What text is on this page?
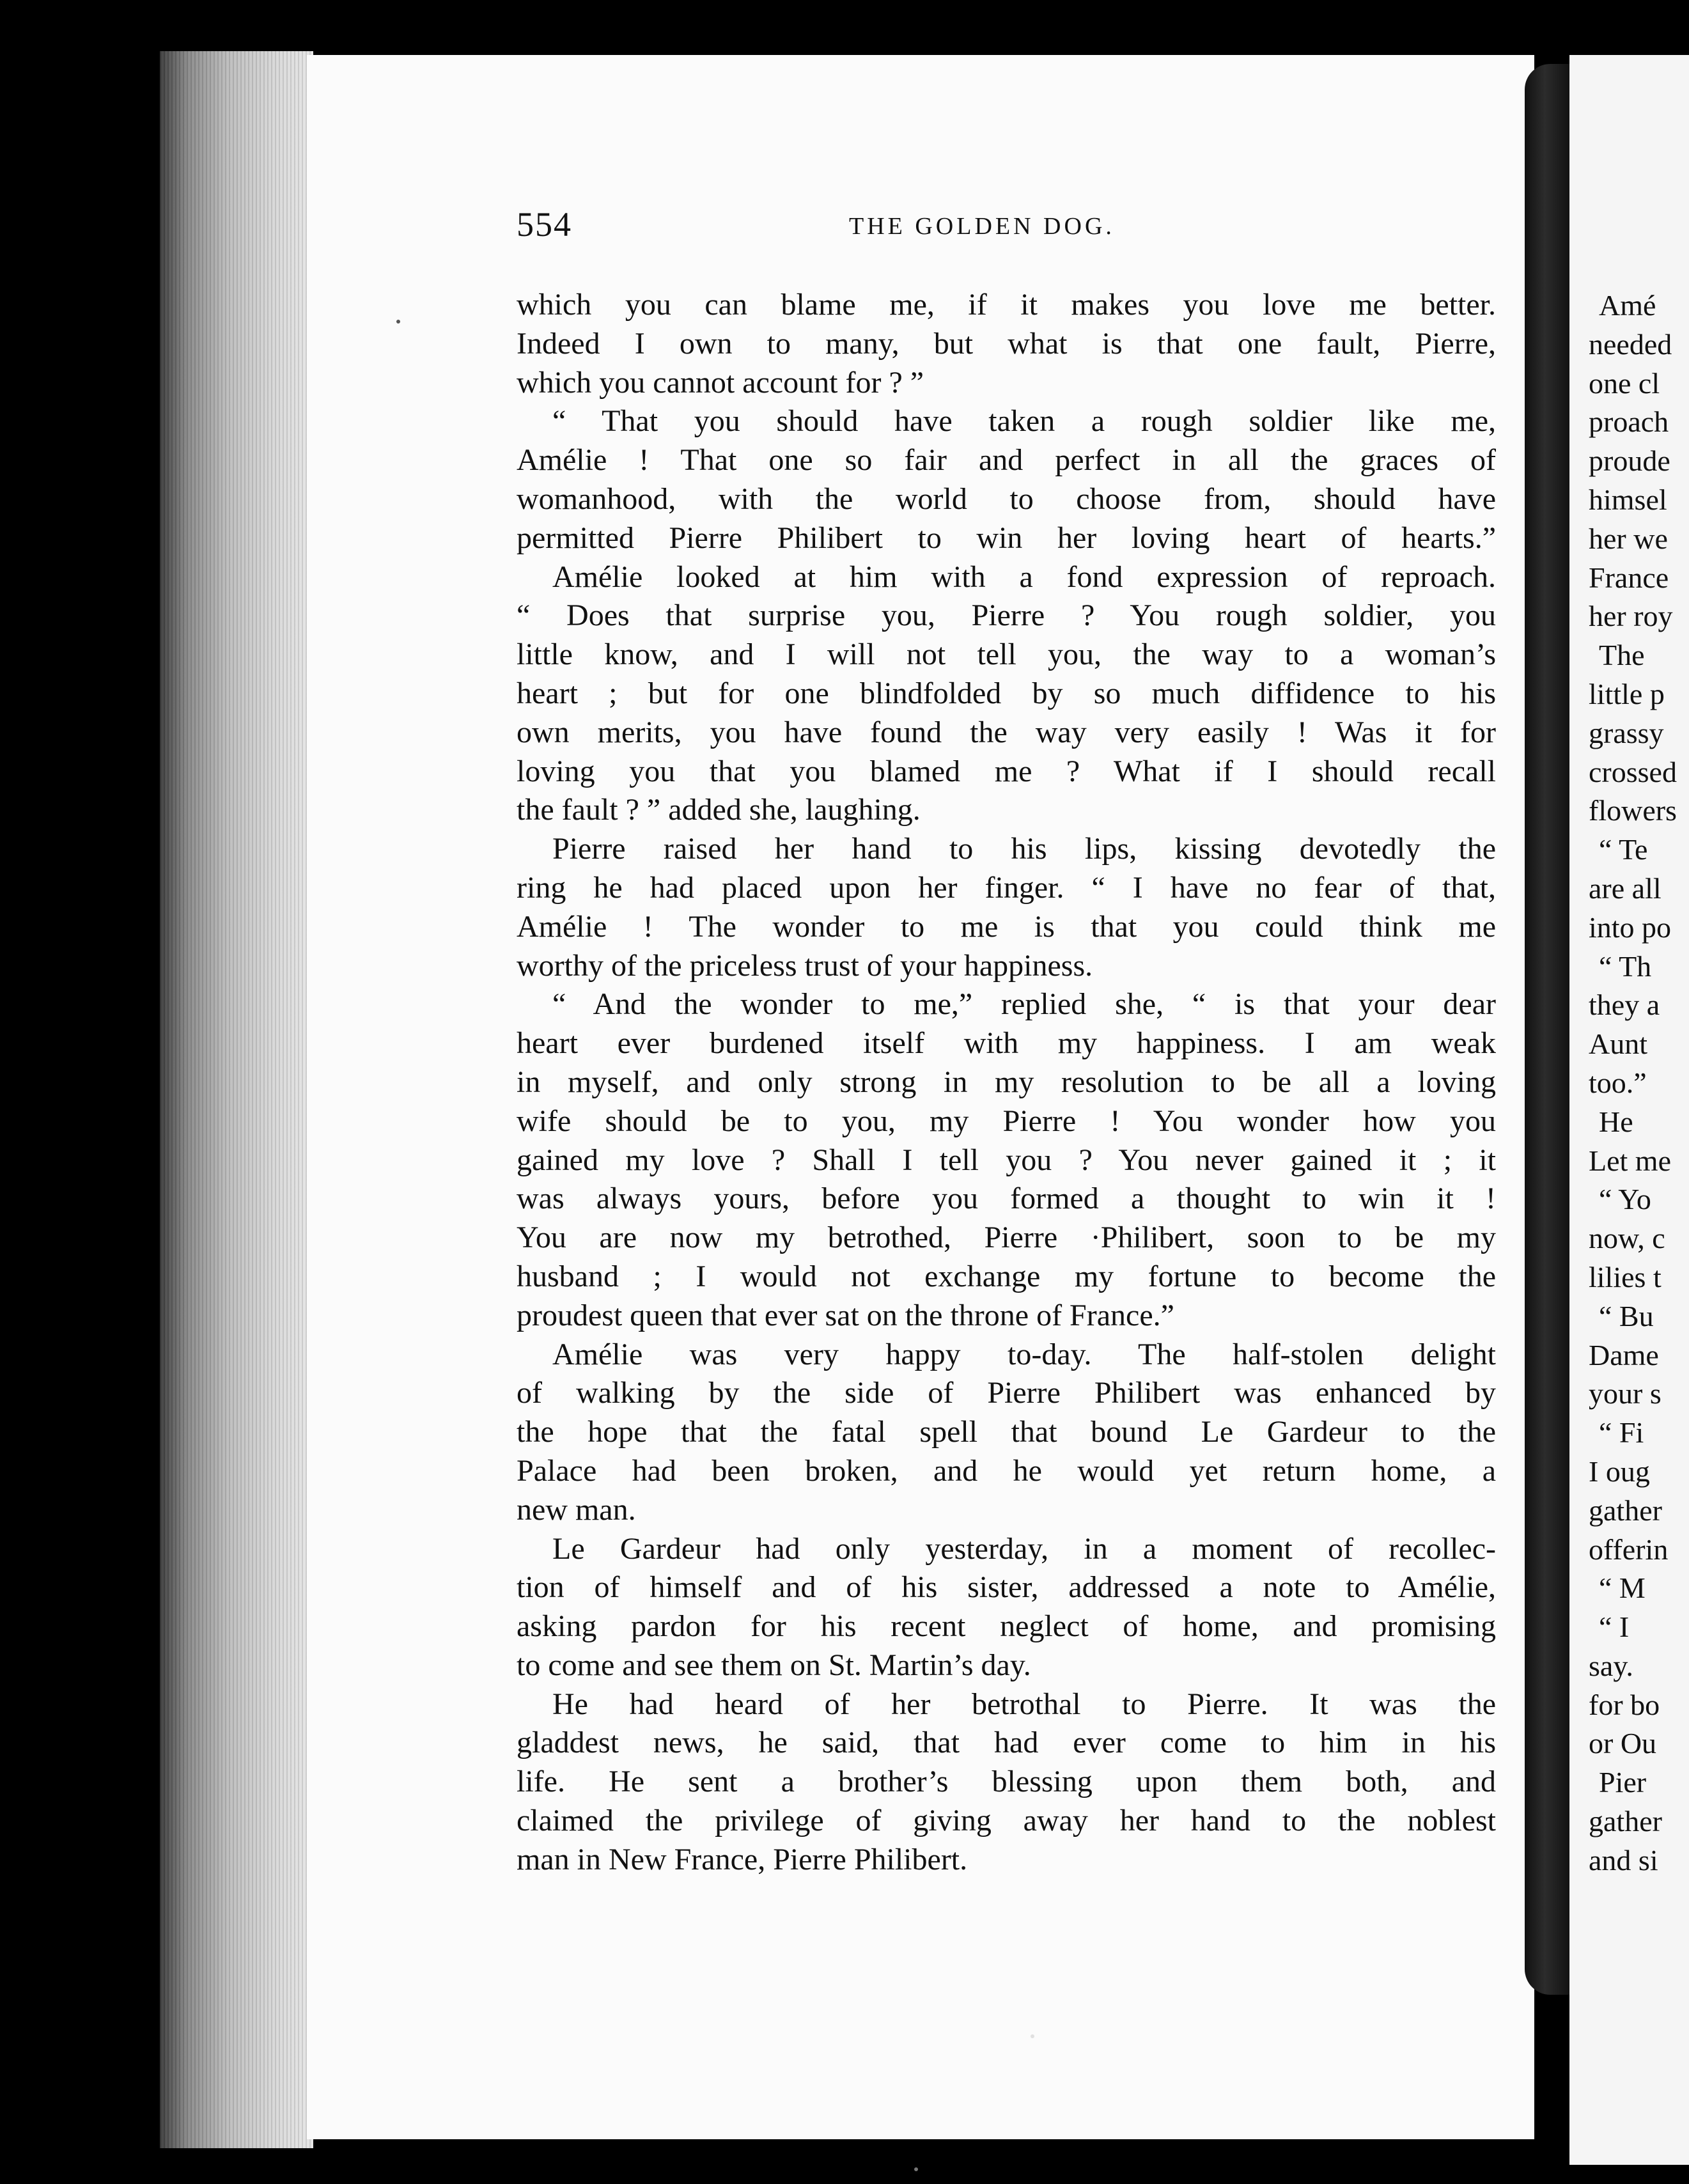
Amé
needed
one cl
proach
proude
himsel
her we
France
her roy
The
little p
grassy
crossed
flowers
“ Te
are all
into po
“ Th
they a
Aunt
too.”
He
Let me
“ Yo
now, c
lilies t
“ Bu
Dame
your s
“ Fi
I oug
gather
offerin
“ M
“ I
say.
for bo
or Ou
Pier
gather
and si
554	THE GOLDEN DOG.
which you can blame me, if it makes you love me better.
Indeed I own to many, but what is that one fault, Pierre,
which you cannot account for ? ”
“ That you should have taken a rough soldier like me,
Amélie ! That one so fair and perfect in all the graces of
womanhood, with the world to choose from, should have
permitted Pierre Philibert to win her loving heart of hearts.”
Amélie looked at him with a fond expression of reproach.
“ Does that surprise you, Pierre ? You rough soldier, you
little know, and I will not tell you, the way to a woman’s
heart ; but for one blindfolded by so much diffidence to his
own merits, you have found the way very easily ! Was it for
loving you that you blamed me ? What if I should recall
the fault ? ” added she, laughing.
Pierre raised her hand to his lips, kissing devotedly the
ring he had placed upon her finger. “ I have no fear of that,
Amélie ! The wonder to me is that you could think me
worthy of the priceless trust of your happiness.
“ And the wonder to me,” replied she, “ is that your dear
heart ever burdened itself with my happiness. I am weak
in myself, and only strong in my resolution to be all a loving
wife should be to you, my Pierre ! You wonder how you
gained my love ? Shall I tell you ? You never gained it ; it
was always yours, before you formed a thought to win it !
You are now my betrothed, Pierre ·Philibert, soon to be my
husband ; I would not exchange my fortune to become the
proudest queen that ever sat on the throne of France.”
Amélie was very happy to-day. The half-stolen delight
of walking by the side of Pierre Philibert was enhanced by
the hope that the fatal spell that bound Le Gardeur to the
Palace had been broken, and he would yet return home, a
new man.
Le Gardeur had only yesterday, in a moment of recollec-
tion of himself and of his sister, addressed a note to Amélie,
asking pardon for his recent neglect of home, and promising
to come and see them on St. Martin’s day.
He had heard of her betrothal to Pierre. It was the
gladdest news, he said, that had ever come to him in his
life. He sent a brother’s blessing upon them both, and
claimed the privilege of giving away her hand to the noblest
man in New France, Pierre Philibert.
